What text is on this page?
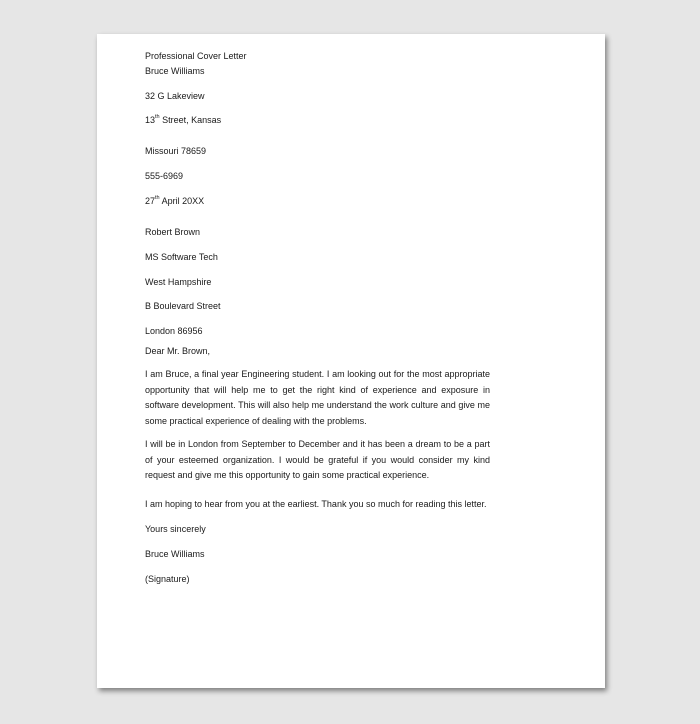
Professional Cover Letter

Bruce Williams

32 G Lakeview

13th Street, Kansas

Missouri 78659

555-6969

27th April 20XX

Robert Brown

MS Software Tech

West Hampshire

B Boulevard Street

London 86956

Dear Mr. Brown,

I am Bruce, a final year Engineering student. I am looking out for the most appropriate opportunity that will help me to get the right kind of experience and exposure in software development. This will also help me understand the work culture and give me some practical experience of dealing with the problems.

I will be in London from September to December and it has been a dream to be a part of your esteemed organization. I would be grateful if you would consider my kind request and give me this opportunity to gain some practical experience.

I am hoping to hear from you at the earliest. Thank you so much for reading this letter.

Yours sincerely

Bruce Williams

(Signature)
